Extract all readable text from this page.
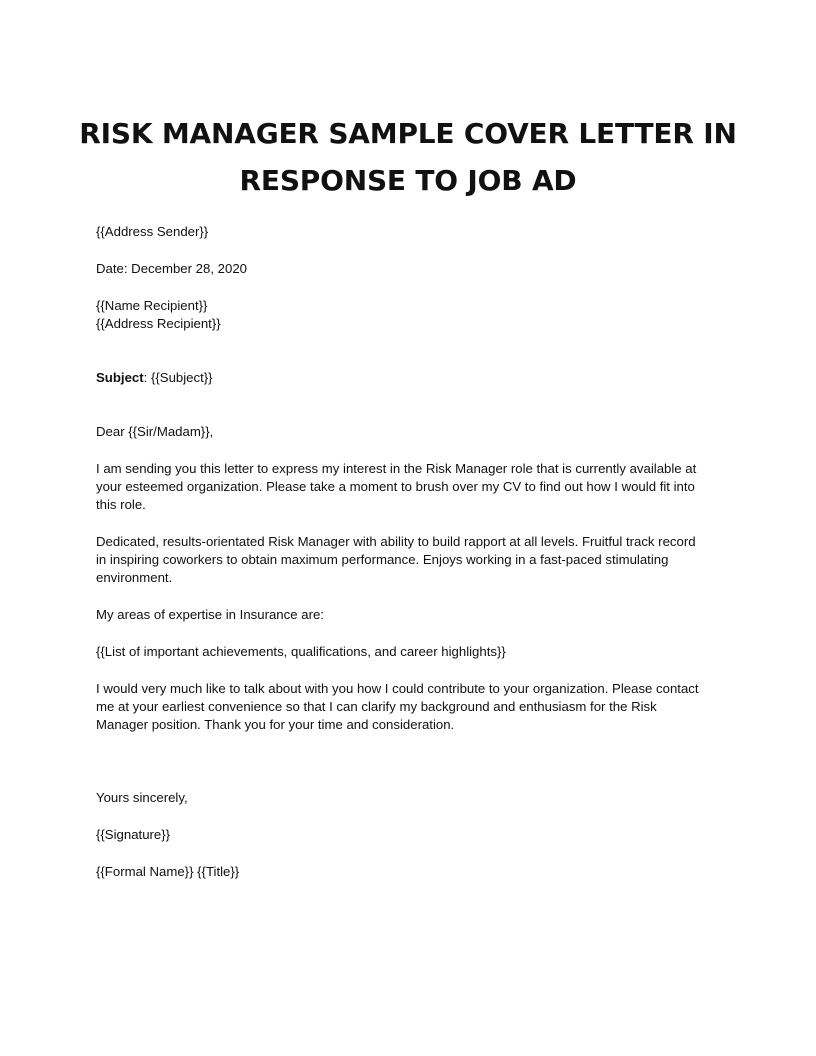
RISK MANAGER SAMPLE COVER LETTER IN
RESPONSE TO JOB AD
{{Address Sender}}
Date: December 28, 2020
{{Name Recipient}}
{{Address Recipient}}
Subject: {{Subject}}
Dear {{Sir/Madam}},
I am sending you this letter to express my interest in the Risk Manager role that is currently available at
your esteemed organization. Please take a moment to brush over my CV to find out how I would fit into
this role.
Dedicated, results-orientated Risk Manager with ability to build rapport at all levels. Fruitful track record
in inspiring coworkers to obtain maximum performance. Enjoys working in a fast-paced stimulating
environment.
My areas of expertise in Insurance are:
{{List of important achievements, qualifications, and career highlights}}
I would very much like to talk about with you how I could contribute to your organization. Please contact
me at your earliest convenience so that I can clarify my background and enthusiasm for the Risk
Manager position. Thank you for your time and consideration.
Yours sincerely,
{{Signature}}
{{Formal Name}} {{Title}}
